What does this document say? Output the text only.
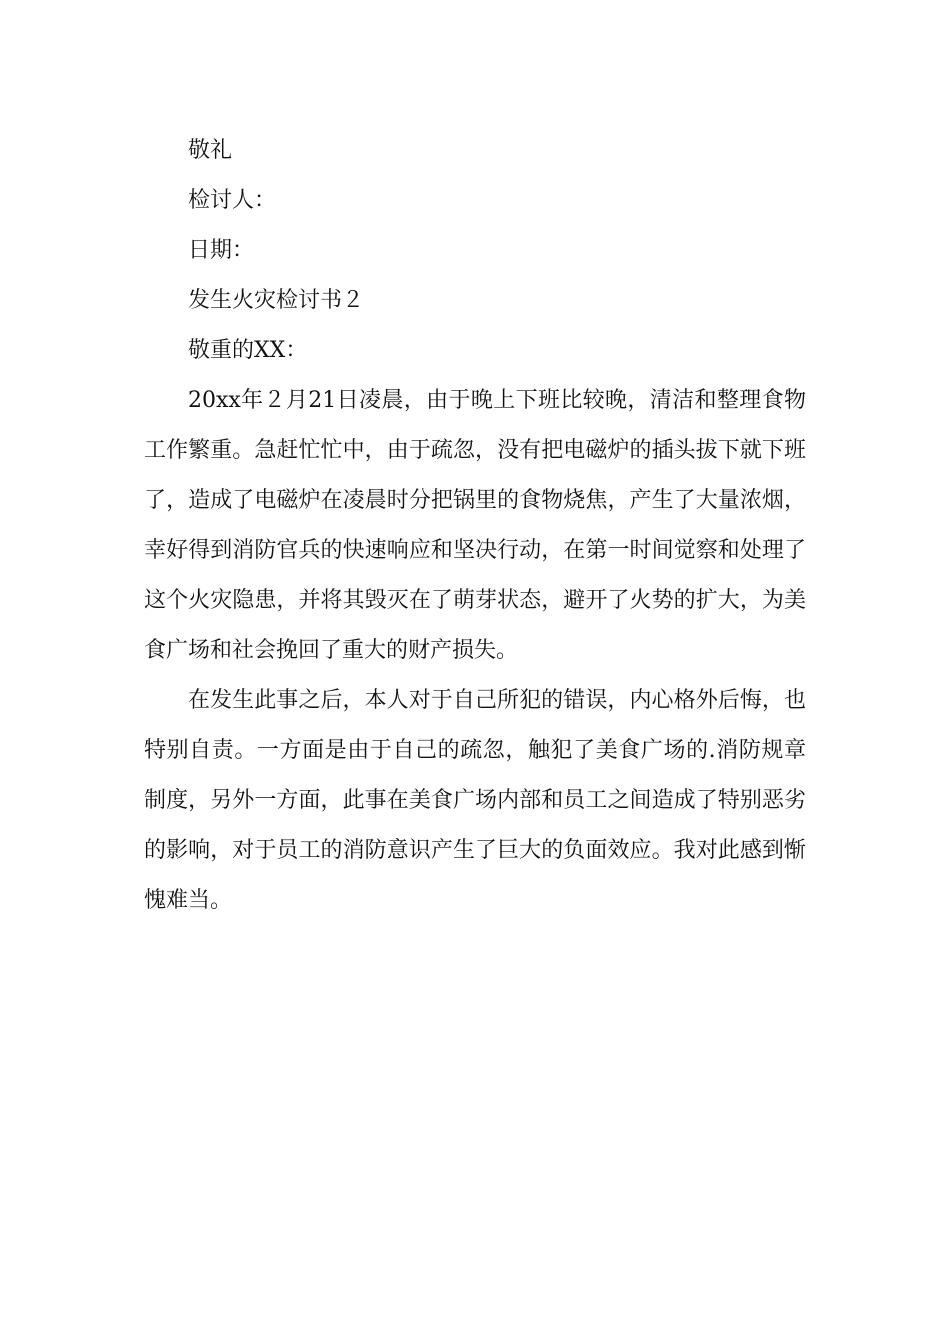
敬礼

检讨人：

日期：

发生火灾检讨书２

敬重的XX：

20xx年２月21日凌晨，由于晚上下班比较晚，清洁和整理食物工作繁重。急赶忙忙中，由于疏忽，没有把电磁炉的插头拔下就下班了，造成了电磁炉在凌晨时分把锅里的食物烧焦，产生了大量浓烟，幸好得到消防官兵的快速响应和坚决行动，在第一时间觉察和处理了这个火灾隐患，并将其毁灭在了萌芽状态，避开了火势的扩大，为美食广场和社会挽回了重大的财产损失。

在发生此事之后，本人对于自己所犯的错误，内心格外后悔，也特别自责。一方面是由于自己的疏忽，触犯了美食广场的.消防规章制度，另外一方面，此事在美食广场内部和员工之间造成了特别恶劣的影响，对于员工的消防意识产生了巨大的负面效应。我对此感到惭愧难当。
